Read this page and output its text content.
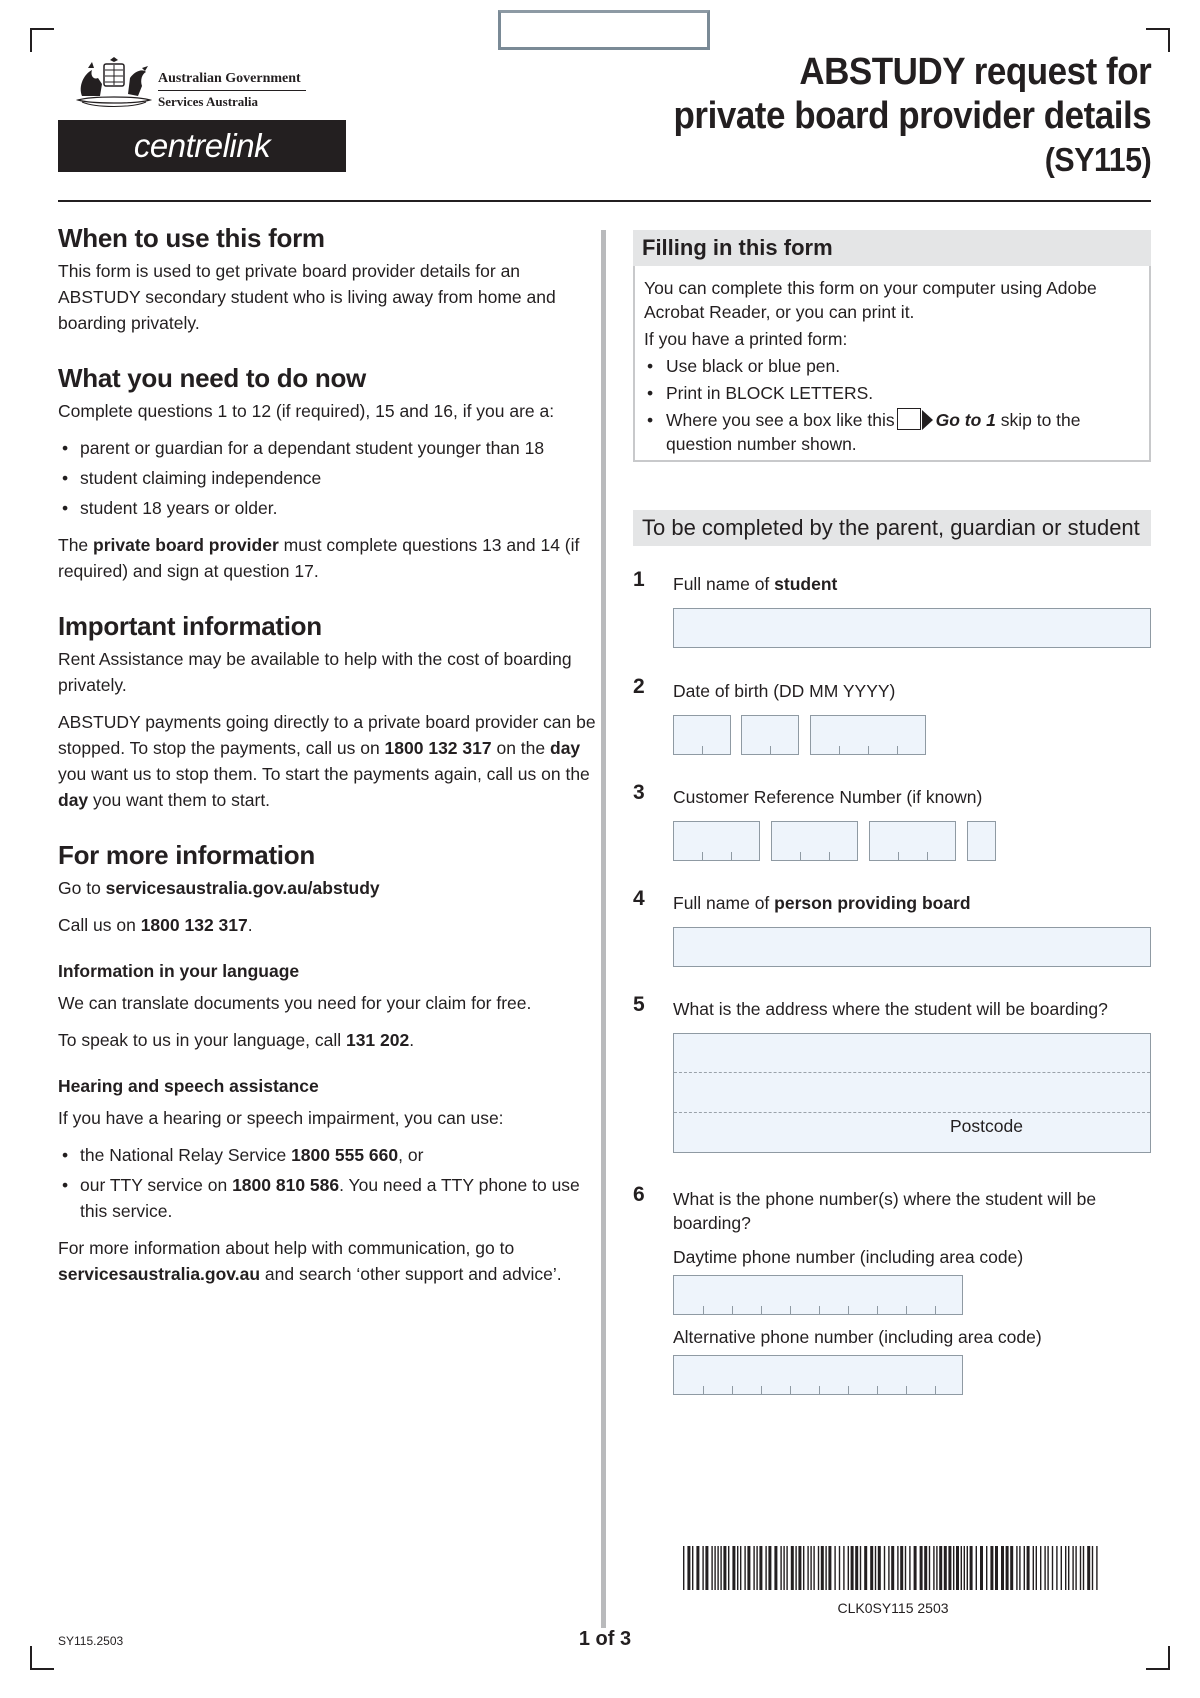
Australian Government
Services Australia
centrelink
ABSTUDY request for
private board provider details
(SY115)
When to use this form

This form is used to get private board provider details for an ABSTUDY secondary student who is living away from home and boarding privately.

What you need to do now

Complete questions 1 to 12 (if required), 15 and 16, if you are a:

• parent or guardian for a dependant student younger than 18
• student claiming independence
• student 18 years or older.

The private board provider must complete questions 13 and 14 (if required) and sign at question 17.

Important information

Rent Assistance may be available to help with the cost of boarding privately.

ABSTUDY payments going directly to a private board provider can be stopped. To stop the payments, call us on 1800 132 317 on the day you want us to stop them. To start the payments again, call us on the day you want them to start.

For more information

Go to servicesaustralia.gov.au/abstudy

Call us on 1800 132 317.

Information in your language

We can translate documents you need for your claim for free.

To speak to us in your language, call 131 202.

Hearing and speech assistance

If you have a hearing or speech impairment, you can use:

• the National Relay Service 1800 555 660, or
• our TTY service on 1800 810 586. You need a TTY phone to use this service.

For more information about help with communication, go to servicesaustralia.gov.au and search ‘other support and advice’.

Filling in this form

You can complete this form on your computer using Adobe Acrobat Reader, or you can print it.

If you have a printed form:

• Use black or blue pen.
• Print in BLOCK LETTERS.
• Where you see a box like this Go to 1 skip to the question number shown.
To be completed by the parent, guardian or student
1 Full name of student
2 Date of birth (DD MM YYYY)
3 Customer Reference Number (if known)
4 Full name of person providing board
5 What is the address where the student will be boarding?
Postcode
6 What is the phone number(s) where the student will be boarding?
Daytime phone number (including area code)
Alternative phone number (including area code)
CLK0SY115 2503
SY115.2503	1 of 3
